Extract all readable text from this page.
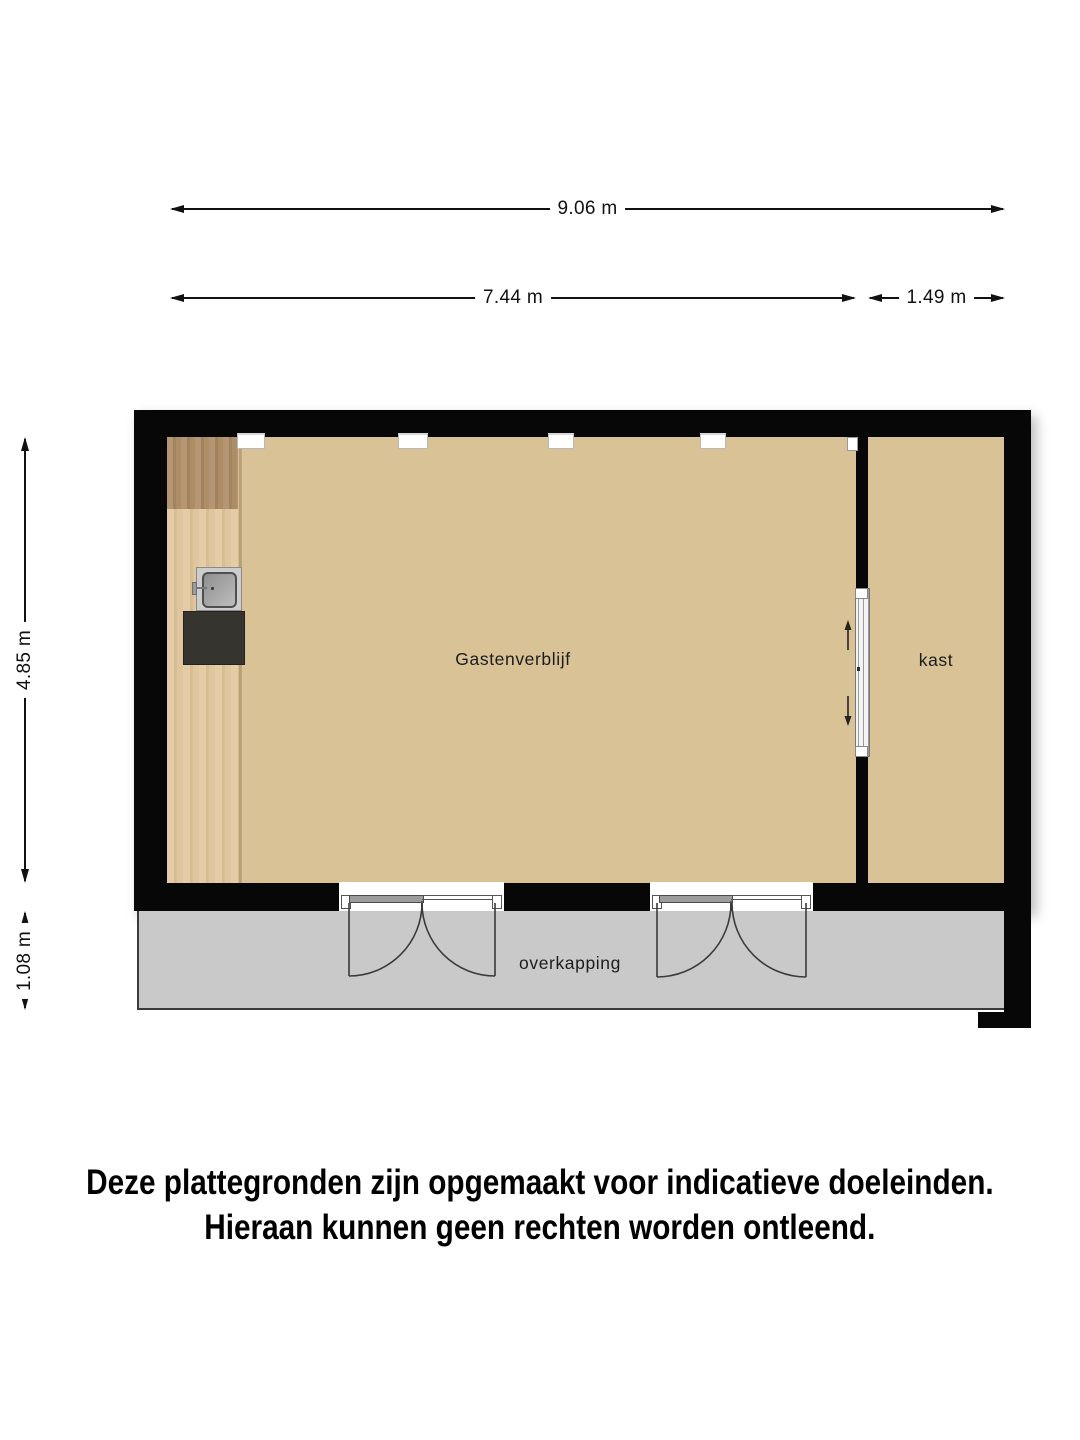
Gastenverblijf	kast
overkapping
9.06 m
7.44 m	1.49 m
4.85 m
1.08 m
Deze plattegronden zijn opgemaakt voor indicatieve doeleinden.
Hieraan kunnen geen rechten worden ontleend.
